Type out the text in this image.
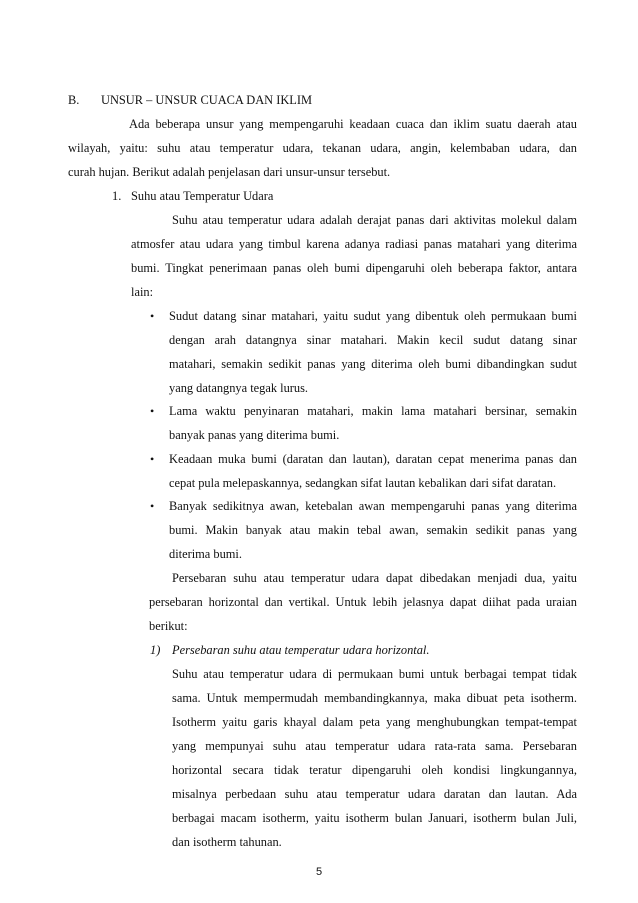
B. UNSUR – UNSUR CUACA DAN IKLIM
Ada beberapa unsur yang mempengaruhi keadaan cuaca dan iklim suatu daerah atau
wilayah, yaitu: suhu atau temperatur udara, tekanan udara, angin, kelembaban udara, dan
curah hujan. Berikut adalah penjelasan dari unsur-unsur tersebut.
1. Suhu atau Temperatur Udara
Suhu atau temperatur udara adalah derajat panas dari aktivitas molekul dalam
atmosfer atau udara yang timbul karena adanya radiasi panas matahari yang diterima
bumi. Tingkat penerimaan panas oleh bumi dipengaruhi oleh beberapa faktor, antara
lain:
• Sudut datang sinar matahari, yaitu sudut yang dibentuk oleh permukaan bumi
dengan arah datangnya sinar matahari. Makin kecil sudut datang sinar
matahari, semakin sedikit panas yang diterima oleh bumi dibandingkan sudut
yang datangnya tegak lurus.
• Lama waktu penyinaran matahari, makin lama matahari bersinar, semakin
banyak panas yang diterima bumi.
• Keadaan muka bumi (daratan dan lautan), daratan cepat menerima panas dan
cepat pula melepaskannya, sedangkan sifat lautan kebalikan dari sifat daratan.
• Banyak sedikitnya awan, ketebalan awan mempengaruhi panas yang diterima
bumi. Makin banyak atau makin tebal awan, semakin sedikit panas yang
diterima bumi.
Persebaran suhu atau temperatur udara dapat dibedakan menjadi dua, yaitu
persebaran horizontal dan vertikal. Untuk lebih jelasnya dapat diihat pada uraian
berikut:
1) Persebaran suhu atau temperatur udara horizontal.
Suhu atau temperatur udara di permukaan bumi untuk berbagai tempat tidak
sama. Untuk mempermudah membandingkannya, maka dibuat peta isotherm.
Isotherm yaitu garis khayal dalam peta yang menghubungkan tempat-tempat
yang mempunyai suhu atau temperatur udara rata-rata sama. Persebaran
horizontal secara tidak teratur dipengaruhi oleh kondisi lingkungannya,
misalnya perbedaan suhu atau temperatur udara daratan dan lautan. Ada
berbagai macam isotherm, yaitu isotherm bulan Januari, isotherm bulan Juli,
5
dan isotherm tahunan.
